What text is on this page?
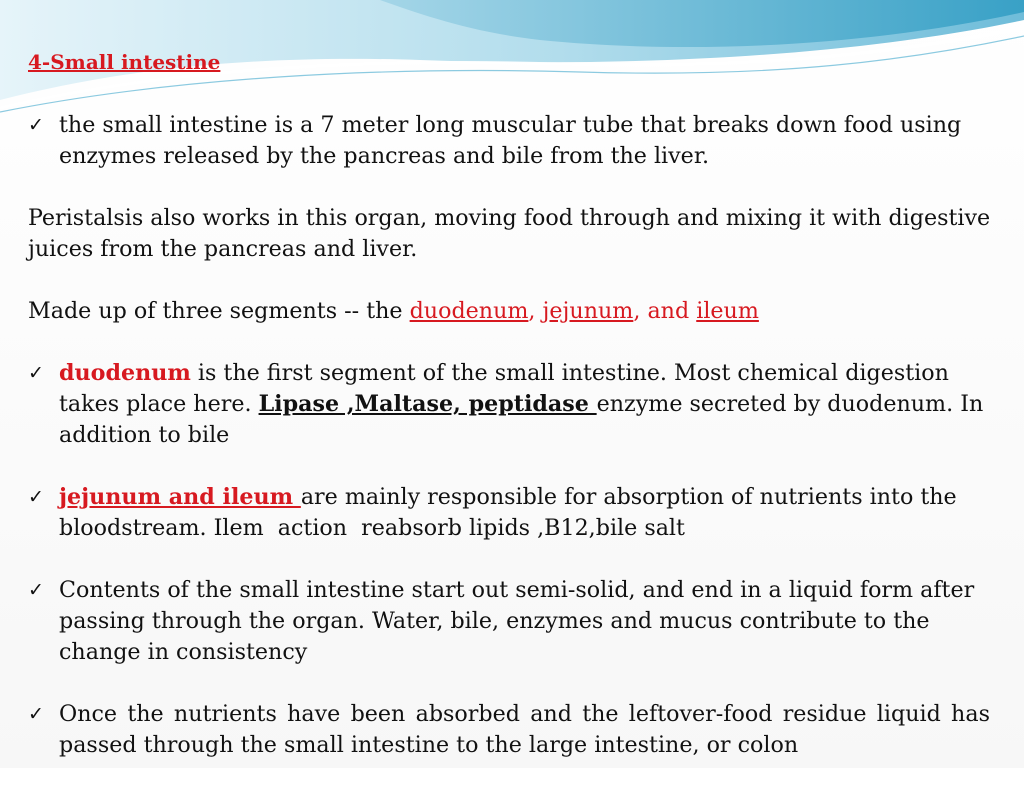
4-Small intestine
✓ the small intestine is a 7 meter long muscular tube that breaks down food using
enzymes released by the pancreas and bile from the liver.
Peristalsis also works in this organ, moving food through and mixing it with digestive
juices from the pancreas and liver.
Made up of three segments -- the duodenum, jejunum, and ileum
✓ duodenum is the first segment of the small intestine. Most chemical digestion
takes place here. Lipase ,Maltase, peptidase enzyme secreted by duodenum. In
addition to bile
✓ jejunum and ileum are mainly responsible for absorption of nutrients into the
bloodstream. Ilem  action  reabsorb lipids ,B12,bile salt
✓ Contents of the small intestine start out semi-solid, and end in a liquid form after
passing through the organ. Water, bile, enzymes and mucus contribute to the
change in consistency
✓ Once the nutrients have been absorbed and the leftover-food residue liquid has
passed through the small intestine to the large intestine, or colon
